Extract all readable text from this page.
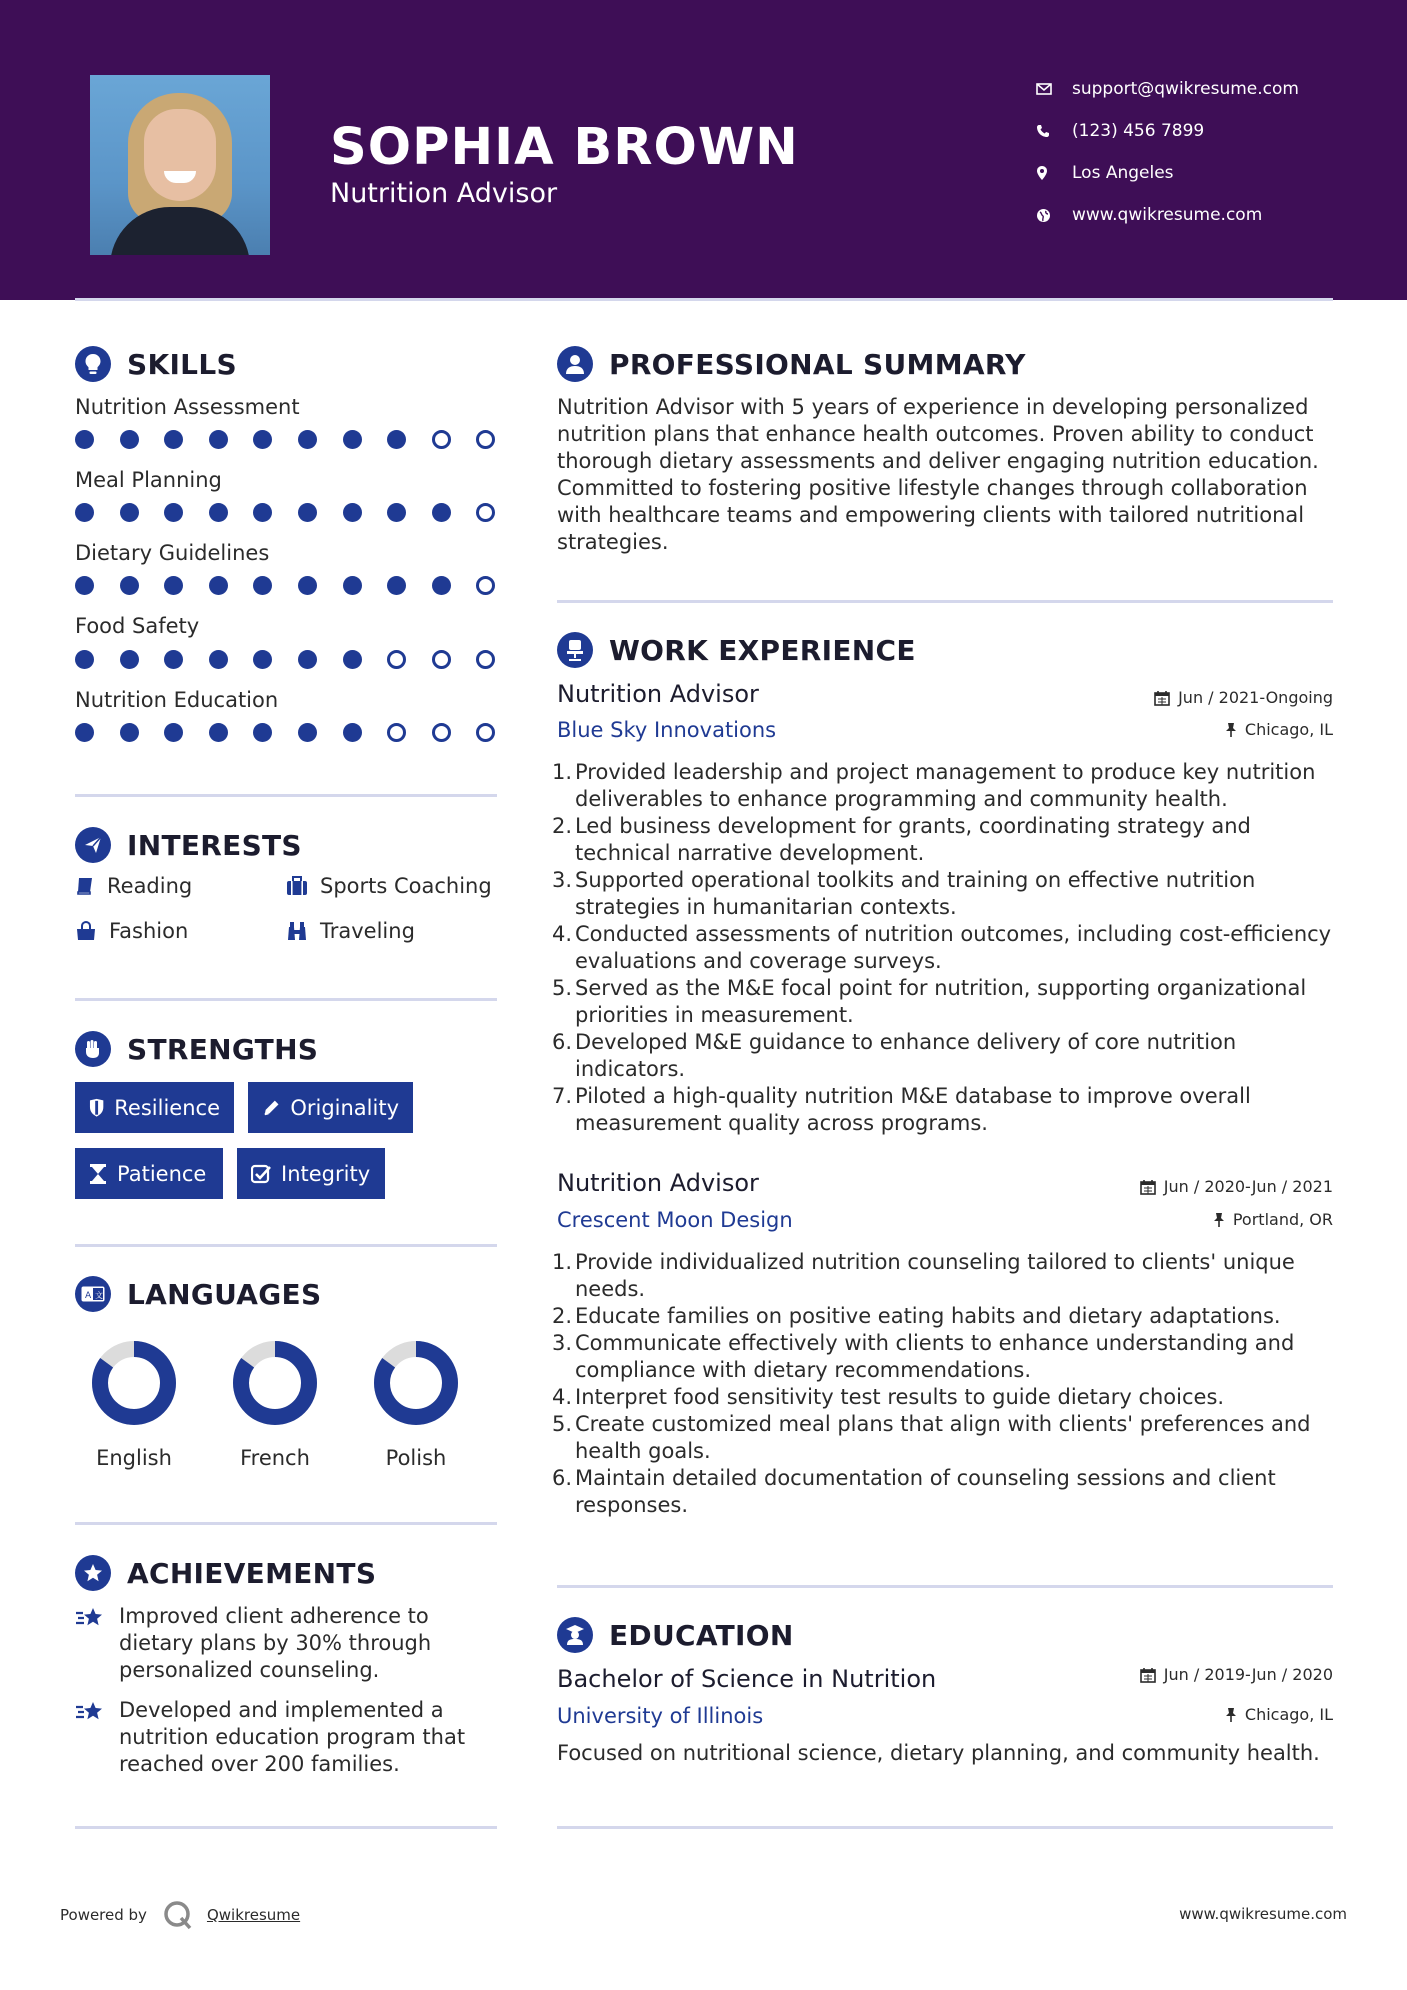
SOPHIA BROWN
Nutrition Advisor
support@qwikresume.com
(123) 456 7899
Los Angeles
www.qwikresume.com
SKILLS
Nutrition Assessment
Meal Planning
Dietary Guidelines
Food Safety
Nutrition Education
INTERESTS
Reading	Sports Coaching
Fashion	Traveling
STRENGTHS
Resilience	Originality
Patience	Integrity
A 文 LANGUAGES
English	French	Polish
ACHIEVEMENTS
Improved client adherence to dietary plans by 30% through personalized counseling.
Developed and implemented a nutrition education program that reached over 200 families.
PROFESSIONAL SUMMARY
Nutrition Advisor with 5 years of experience in developing personalized nutrition plans that enhance health outcomes. Proven ability to conduct thorough dietary assessments and deliver engaging nutrition education. Committed to fostering positive lifestyle changes through collaboration with healthcare teams and empowering clients with tailored nutritional strategies.
WORK EXPERIENCE
Nutrition Advisor	Jun / 2021-Ongoing
Blue Sky Innovations	Chicago, IL
1. Provided leadership and project management to produce key nutrition deliverables to enhance programming and community health.
2. Led business development for grants, coordinating strategy and technical narrative development.
3. Supported operational toolkits and training on effective nutrition strategies in humanitarian contexts.
4. Conducted assessments of nutrition outcomes, including cost-efficiency evaluations and coverage surveys.
5. Served as the M&E focal point for nutrition, supporting organizational priorities in measurement.
6. Developed M&E guidance to enhance delivery of core nutrition indicators.
7. Piloted a high-quality nutrition M&E database to improve overall measurement quality across programs.
Nutrition Advisor	Jun / 2020-Jun / 2021
Crescent Moon Design	Portland, OR
1. Provide individualized nutrition counseling tailored to clients' unique needs.
2. Educate families on positive eating habits and dietary adaptations.
3. Communicate effectively with clients to enhance understanding and compliance with dietary recommendations.
4. Interpret food sensitivity test results to guide dietary choices.
5. Create customized meal plans that align with clients' preferences and health goals.
6. Maintain detailed documentation of counseling sessions and client responses.
EDUCATION
Bachelor of Science in Nutrition	Jun / 2019-Jun / 2020
University of Illinois	Chicago, IL
Focused on nutritional science, dietary planning, and community health.
Powered by	Qwikresume	www.qwikresume.com
